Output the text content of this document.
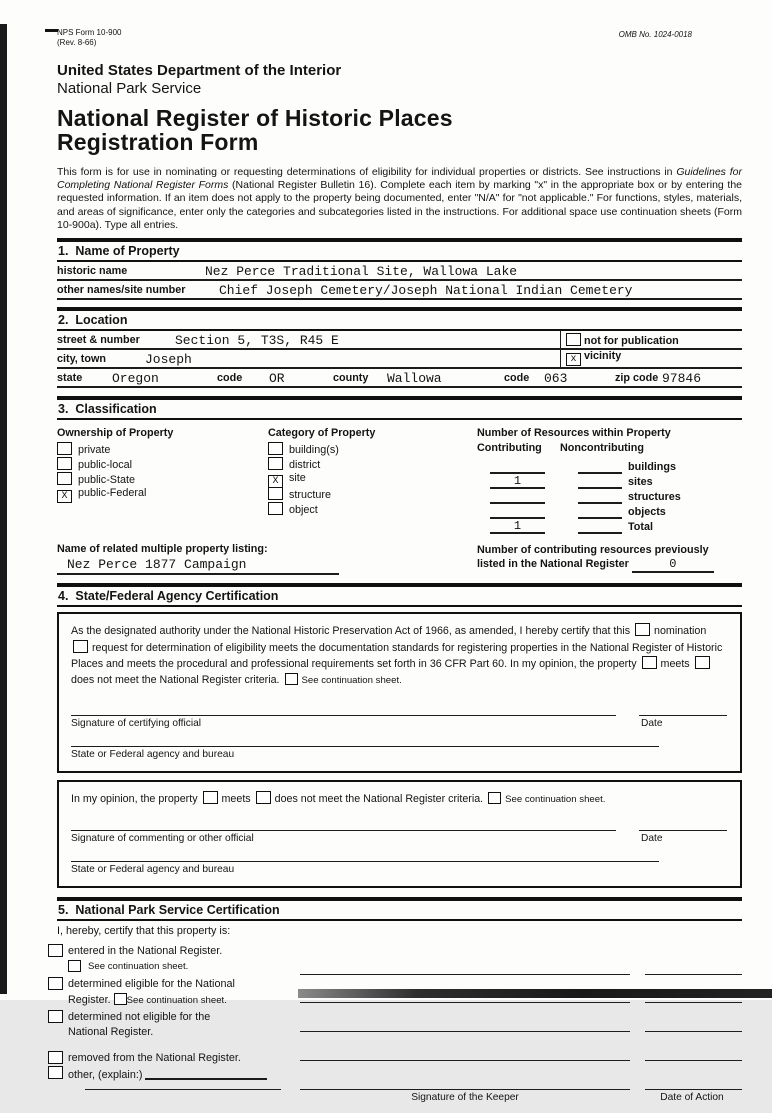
NPS Form 10-900
(Rev. 8-66)
OMB No. 1024-0018
United States Department of the Interior
National Park Service
National Register of Historic Places
Registration Form
This form is for use in nominating or requesting determinations of eligibility for individual properties or districts. See instructions in Guidelines for Completing National Register Forms (National Register Bulletin 16). Complete each item by marking "x" in the appropriate box or by entering the requested information. If an item does not apply to the property being documented, enter "N/A" for "not applicable." For functions, styles, materials, and areas of significance, enter only the categories and subcategories listed in the instructions. For additional space use continuation sheets (Form 10-900a). Type all entries.
1.  Name of Property
historic name	Nez Perce Traditional Site, Wallowa Lake
other names/site number	Chief Joseph Cemetery/Joseph National Indian Cemetery
2.  Location
street & number	Section 5, T3S, R45 E	not for publication
city, town	Joseph	x vicinity
state Oregon	code OR	county Wallowa	code 063	zip code 97846
3.  Classification
Ownership of Property
private
public-local
public-State
X public-Federal
Category of Property
building(s)
district
X site
structure
object
Number of Resources within Property
Contributing Noncontributing
buildings
1	sites
structures
objects
1	Total
Name of related multiple property listing:
Nez Perce 1877 Campaign
Number of contributing resources previously
listed in the National Register	0
4.  State/Federal Agency Certification
As the designated authority under the National Historic Preservation Act of 1966, as amended, I hereby certify that this nomination request for determination of eligibility meets the documentation standards for registering properties in the National Register of Historic Places and meets the procedural and professional requirements set forth in 36 CFR Part 60. In my opinion, the property meets does not meet the National Register criteria. See continuation sheet.
Signature of certifying official	Date
State or Federal agency and bureau
In my opinion, the property meets does not meet the National Register criteria. See continuation sheet.
Signature of commenting or other official	Date
State or Federal agency and bureau
5.  National Park Service Certification
I, hereby, certify that this property is:
entered in the National Register.
See continuation sheet.
determined eligible for the National
Register. See continuation sheet.
determined not eligible for the
National Register.
removed from the National Register.
other, (explain:)
Signature of the Keeper	Date of Action
